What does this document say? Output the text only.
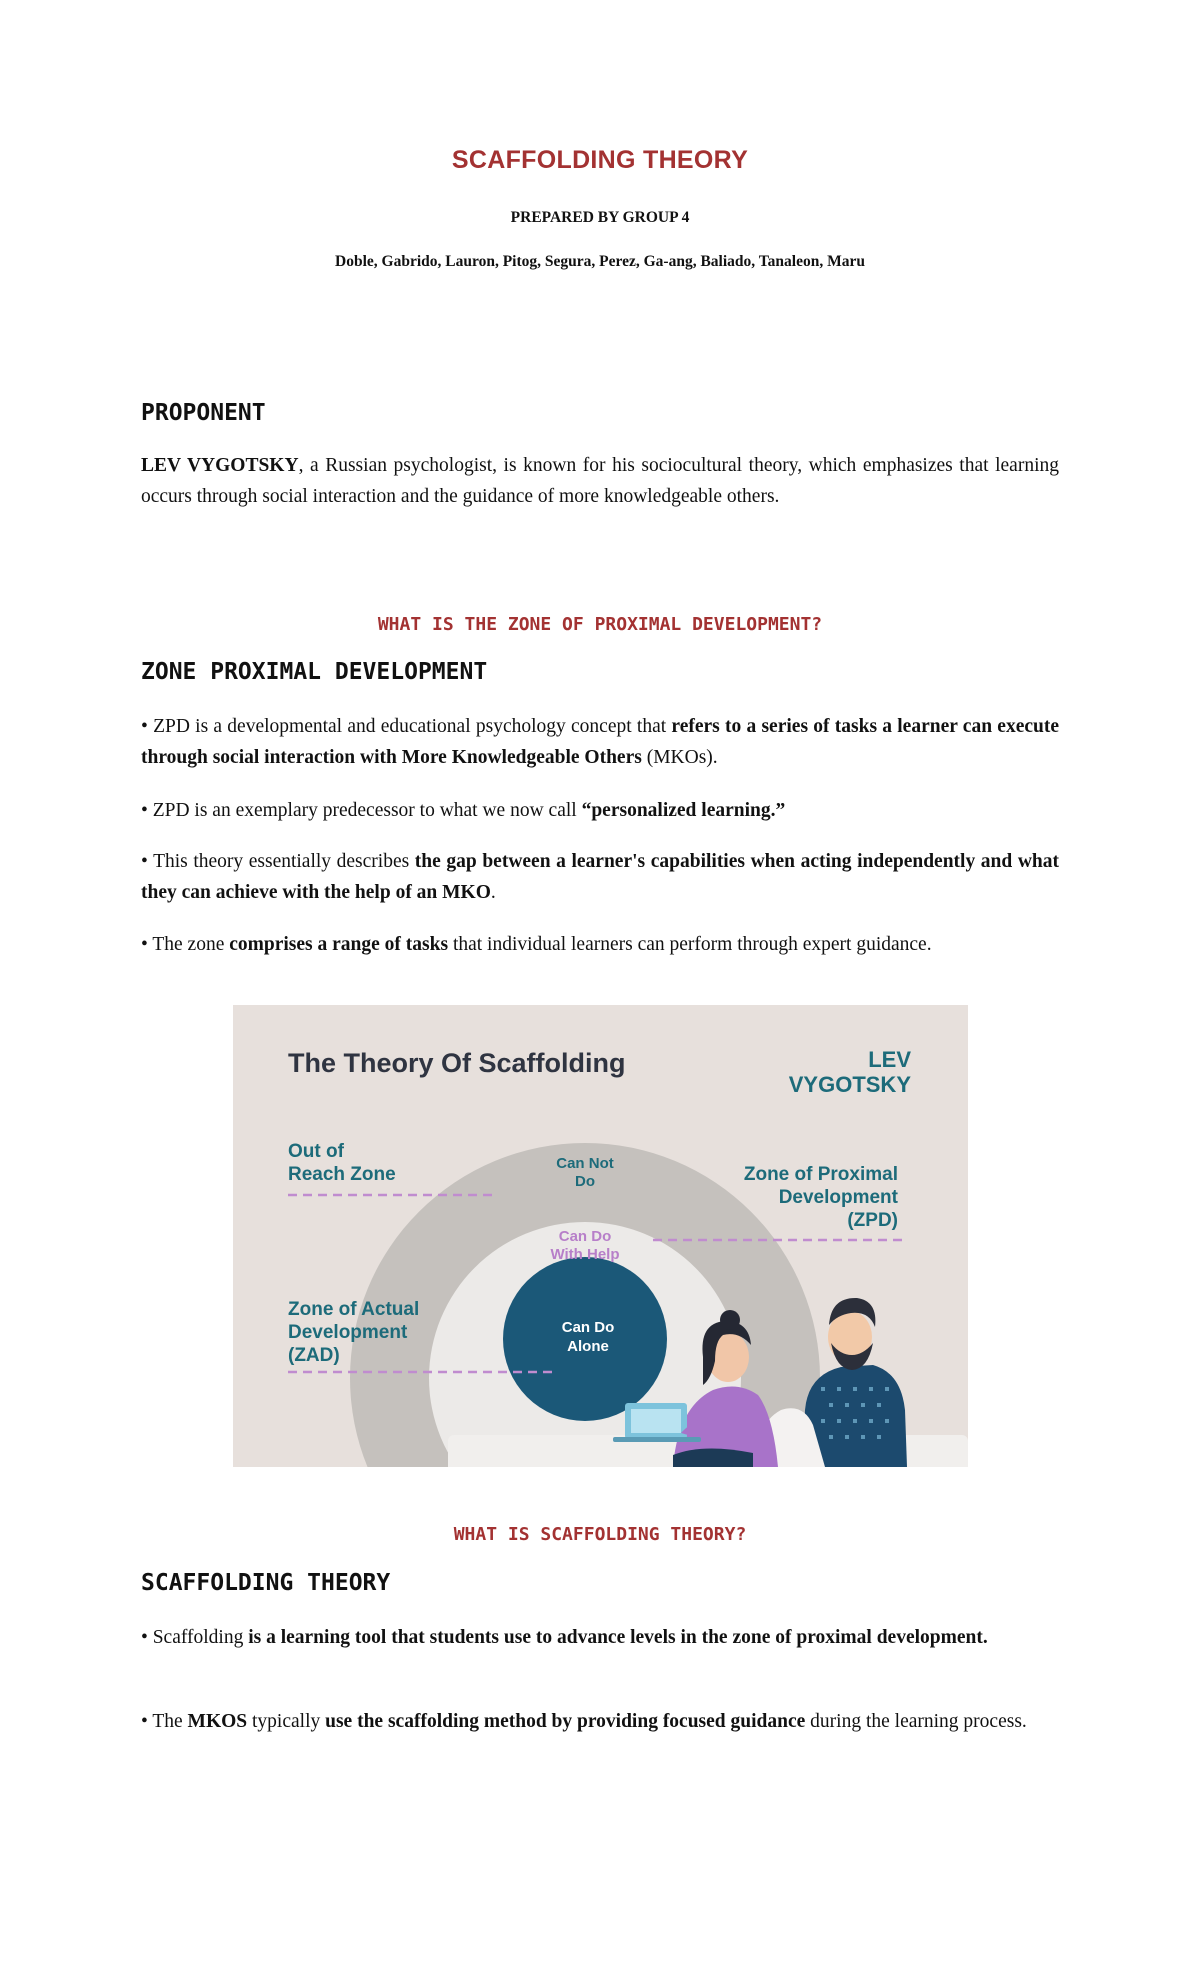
SCAFFOLDING THEORY
PREPARED BY GROUP 4
Doble, Gabrido, Lauron, Pitog, Segura, Perez, Ga-ang, Baliado, Tanaleon, Maru
PROPONENT

LEV VYGOTSKY, a Russian psychologist, is known for his sociocultural theory, which emphasizes that learning occurs through social interaction and the guidance of more knowledgeable others.

WHAT IS THE ZONE OF PROXIMAL DEVELOPMENT?
ZONE PROXIMAL DEVELOPMENT

• ZPD is a developmental and educational psychology concept that refers to a series of tasks a learner can execute through social interaction with More Knowledgeable Others (MKOs).

• ZPD is an exemplary predecessor to what we now call “personalized learning.”

• This theory essentially describes the gap between a learner's capabilities when acting independently and what they can achieve with the help of an MKO.

• The zone comprises a range of tasks that individual learners can perform through expert guidance.

The Theory Of Scaffolding	LEV
VYGOTSKY
Out of
Reach Zone	Zone of Proximal
Development
(ZPD)
Zone of Actual
Development
(ZAD)
Can Not
Do
Can Do
With Help
Can Do
Alone
WHAT IS SCAFFOLDING THEORY?
SCAFFOLDING THEORY

• Scaffolding is a learning tool that students use to advance levels in the zone of proximal development.

• The MKOS typically use the scaffolding method by providing focused guidance during the learning process.
